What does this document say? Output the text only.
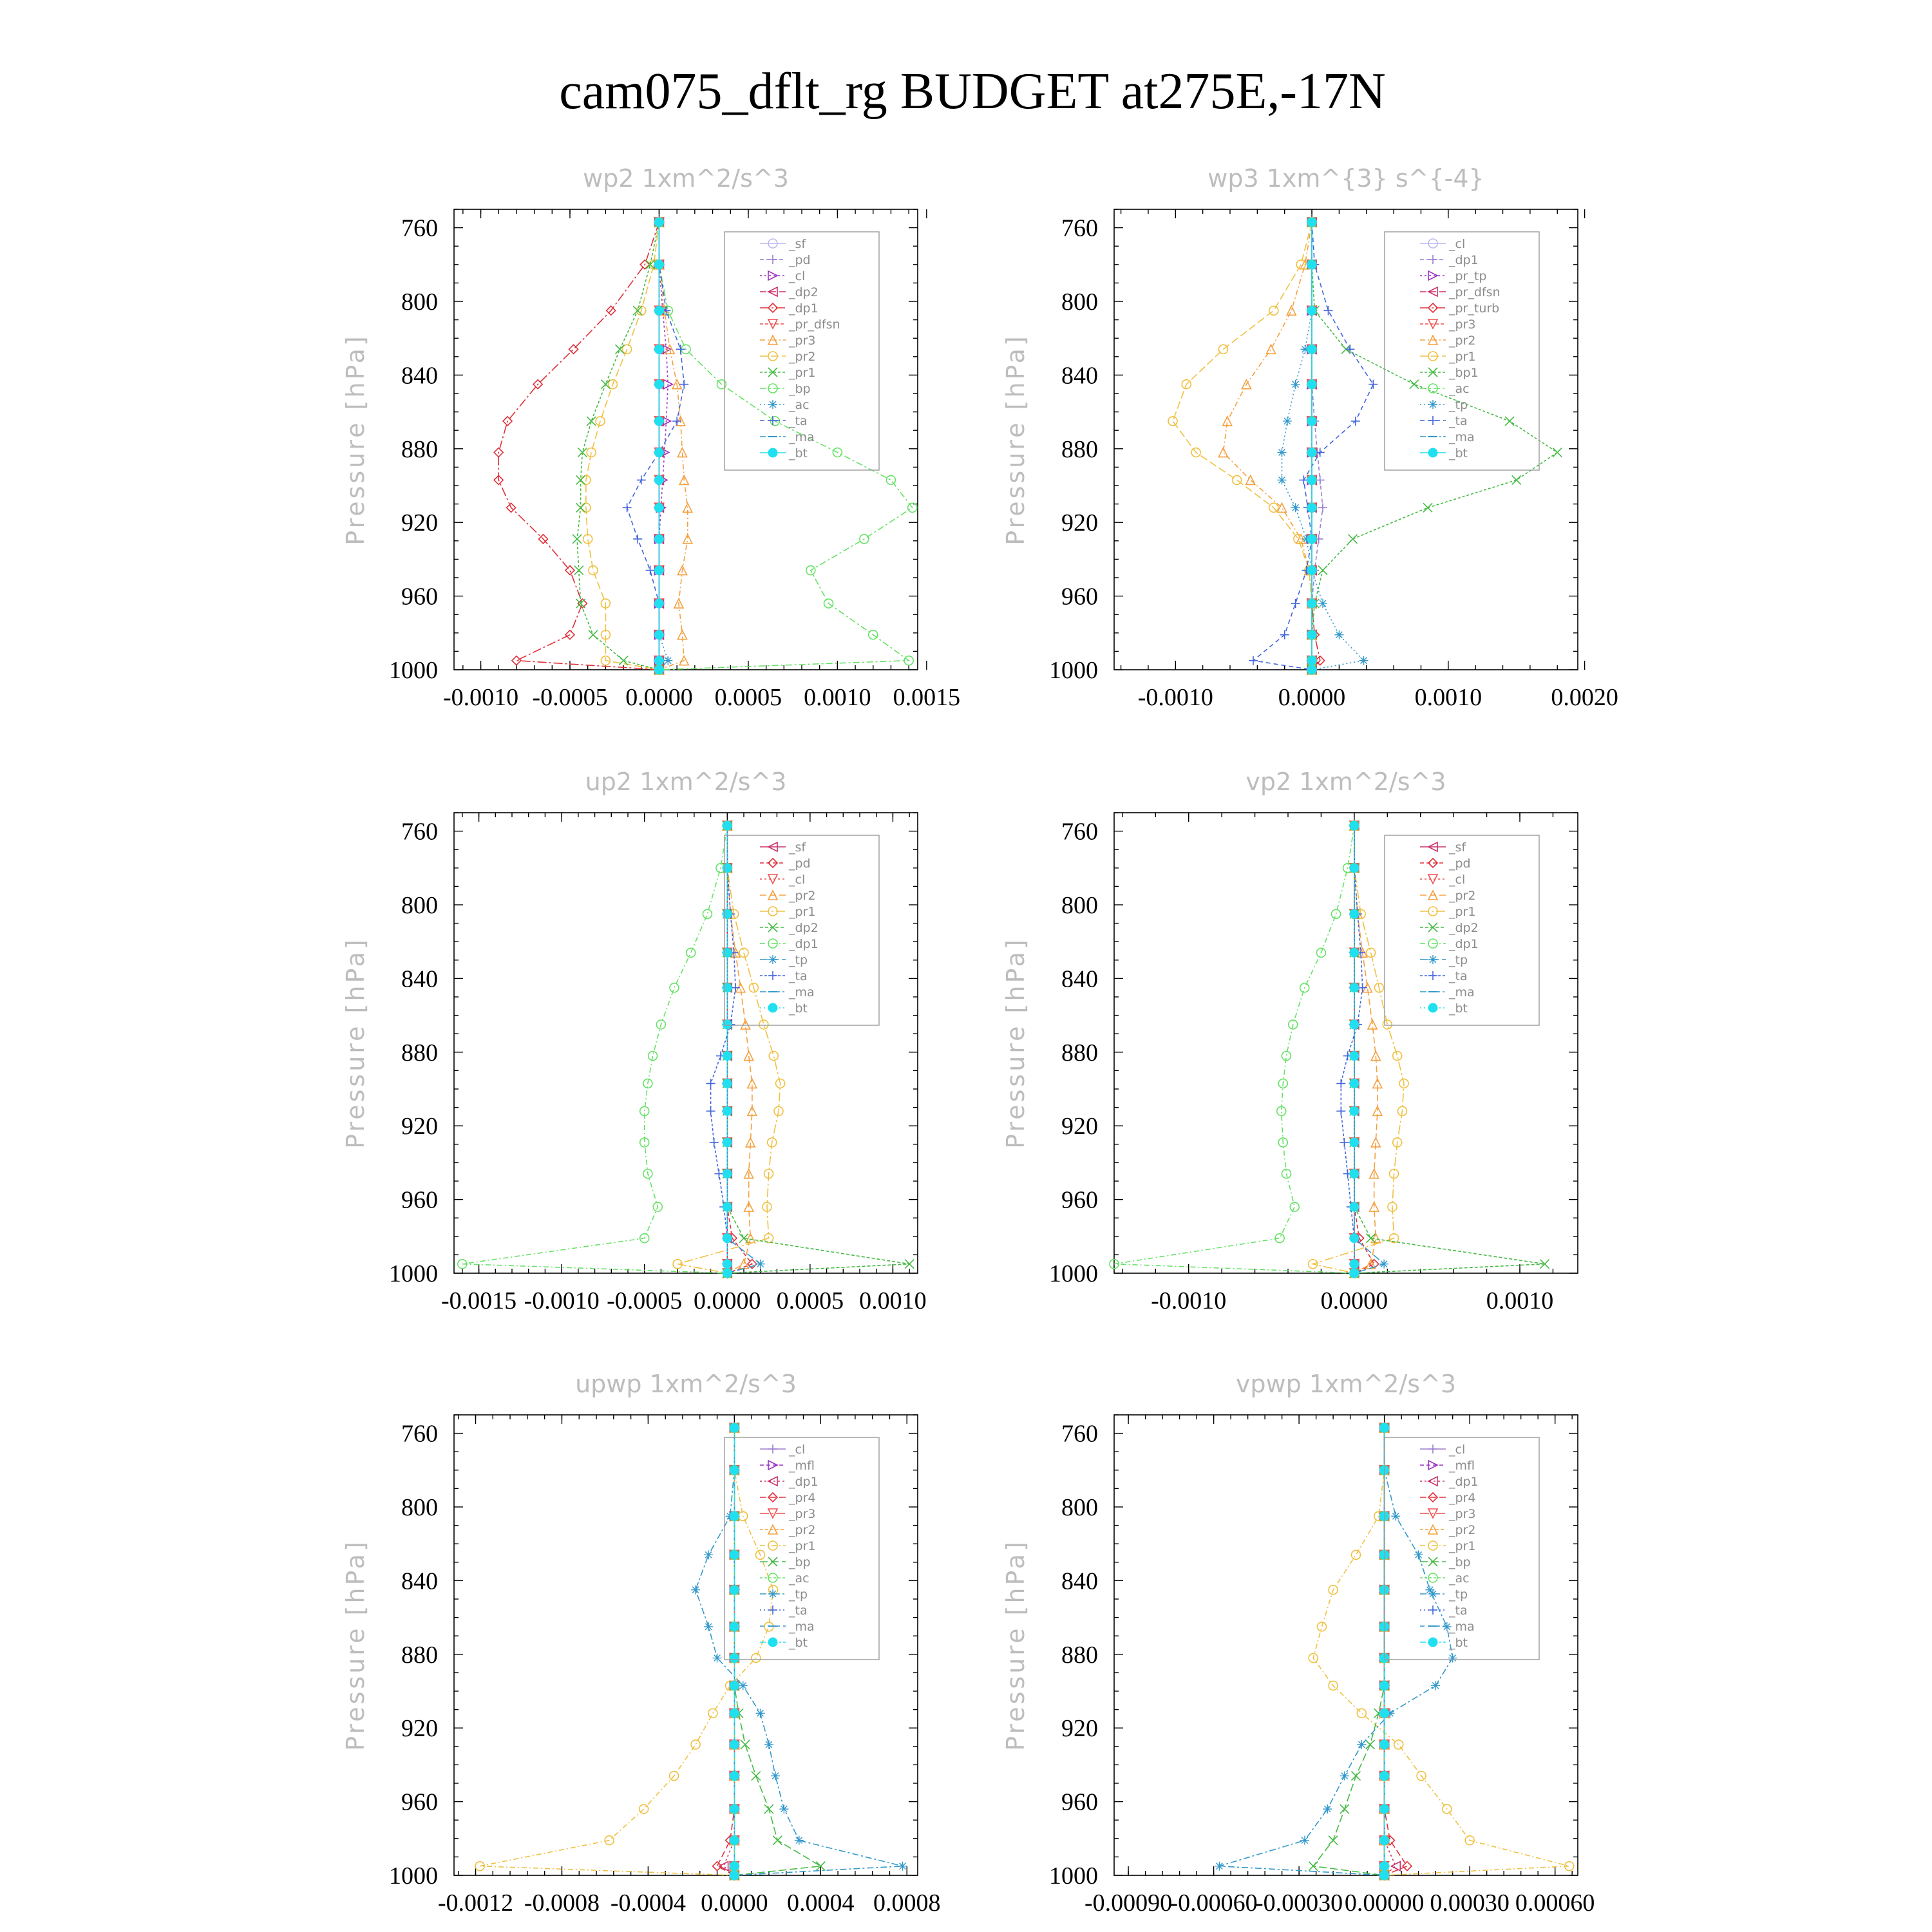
cam075_dflt_rg BUDGET at275E,-17N
wp2 1xm^2/s^3
Pressure [hPa]
760
800
840
880
920
960
1000
-0.0010 -0.0005 0.0000 0.0005 0.0010 0.0015
_sf
_pd
_cl
_dp2
_dp1
_pr_dfsn
_pr3
_pr2
_pr1
_bp
_ac
_ta
_ma
_bt
wp3 1xm^{3} s^{-4}
Pressure [hPa]
760
800
840
880
920
960
1000
-0.0010	0.0000	0.0010	0.0020
_cl
_dp1
_pr_tp
_pr_dfsn
_pr_turb
_pr3
_pr2
_pr1
_bp1
_ac
_tp
_ta
_ma
_bt
up2 1xm^2/s^3
Pressure [hPa]
760
800
840
880
920
960
1000
-0.0015 -0.0010 -0.0005 0.0000 0.0005 0.0010
_sf
_pd
_cl
_pr2
_pr1
_dp2
_dp1
_tp
_ta
_ma
_bt
vp2 1xm^2/s^3
Pressure [hPa]
760
800
840
880
920
960
1000
-0.0010	0.0000	0.0010
_sf
_pd
_cl
_pr2
_pr1
_dp2
_dp1
_tp
_ta
_ma
_bt
upwp 1xm^2/s^3
Pressure [hPa]
760
800
840
880
920
960
1000
-0.0012 -0.0008 -0.0004 0.0000 0.0004 0.0008
_cl
_mfl
_dp1
_pr4
_pr3
_pr2
_pr1
_bp
_ac
_tp
_ta
_ma
_bt
vpwp 1xm^2/s^3
Pressure [hPa]
760
800
840
880
920
960
1000
-0.00090
-0.00060
-0.00030 0.00000 0.00030 0.00060
_cl
_mfl
_dp1
_pr4
_pr3
_pr2
_pr1
_bp
_ac
_tp
_ta
_ma
_bt
